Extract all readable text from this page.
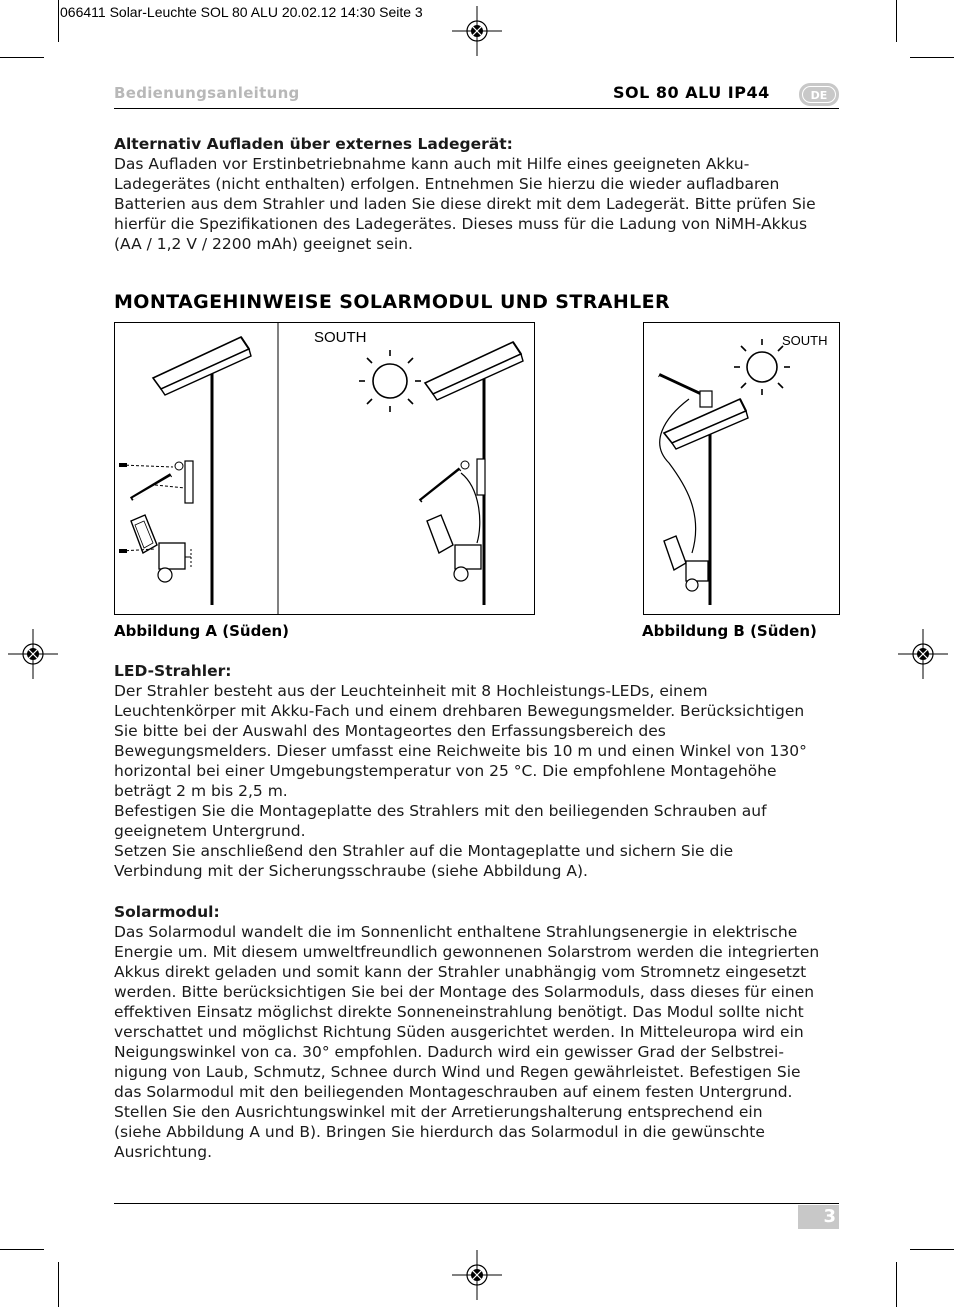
066411 Solar-Leuchte SOL 80 ALU 20.02.12 14:30 Seite 3
Bedienungsanleitung	SOL 80 ALU IP44	DE

Alternativ Aufladen über externes Ladegerät:

Das Aufladen vor Erstinbetriebnahme kann auch mit Hilfe eines geeigneten Akku-

Ladegerätes (nicht enthalten) erfolgen. Entnehmen Sie hierzu die wieder aufladbaren

Batterien aus dem Strahler und laden Sie diese direkt mit dem Ladegerät. Bitte prüfen Sie

hierfür die Spezifikationen des Ladegerätes. Dieses muss für die Ladung von NiMH-Akkus

(AA / 1,2 V / 2200 mAh) geeignet sein.

MONTAGEHINWEISE SOLARMODUL UND STRAHLER
SOUTH	SOUTH
Abbildung A (Süden)	Abbildung B (Süden)

LED-Strahler:

Der Strahler besteht aus der Leuchteinheit mit 8 Hochleistungs-LEDs, einem

Leuchtenkörper mit Akku-Fach und einem drehbaren Bewegungsmelder. Berücksichtigen

Sie bitte bei der Auswahl des Montageortes den Erfassungsbereich des

Bewegungsmelders. Dieser umfasst eine Reichweite bis 10 m und einen Winkel von 130°

horizontal bei einer Umgebungstemperatur von 25 °C. Die empfohlene Montagehöhe

beträgt 2 m bis 2,5 m.

Befestigen Sie die Montageplatte des Strahlers mit den beiliegenden Schrauben auf

geeignetem Untergrund.

Setzen Sie anschließend den Strahler auf die Montageplatte und sichern Sie die

Verbindung mit der Sicherungsschraube (siehe Abbildung A).

Solarmodul:

Das Solarmodul wandelt die im Sonnenlicht enthaltene Strahlungsenergie in elektrische

Energie um. Mit diesem umweltfreundlich gewonnenen Solarstrom werden die integrierten

Akkus direkt geladen und somit kann der Strahler unabhängig vom Stromnetz eingesetzt

werden. Bitte berücksichtigen Sie bei der Montage des Solarmoduls, dass dieses für einen

effektiven Einsatz möglichst direkte Sonneneinstrahlung benötigt. Das Modul sollte nicht

verschattet und möglichst Richtung Süden ausgerichtet werden. In Mitteleuropa wird ein

Neigungswinkel von ca. 30° empfohlen. Dadurch wird ein gewisser Grad der Selbstrei-

nigung von Laub, Schmutz, Schnee durch Wind und Regen gewährleistet. Befestigen Sie

das Solarmodul mit den beiliegenden Montageschrauben auf einem festen Untergrund.

Stellen Sie den Ausrichtungswinkel mit der Arretierungshalterung entsprechend ein

(siehe Abbildung A und B). Bringen Sie hierdurch das Solarmodul in die gewünschte

Ausrichtung.

3
